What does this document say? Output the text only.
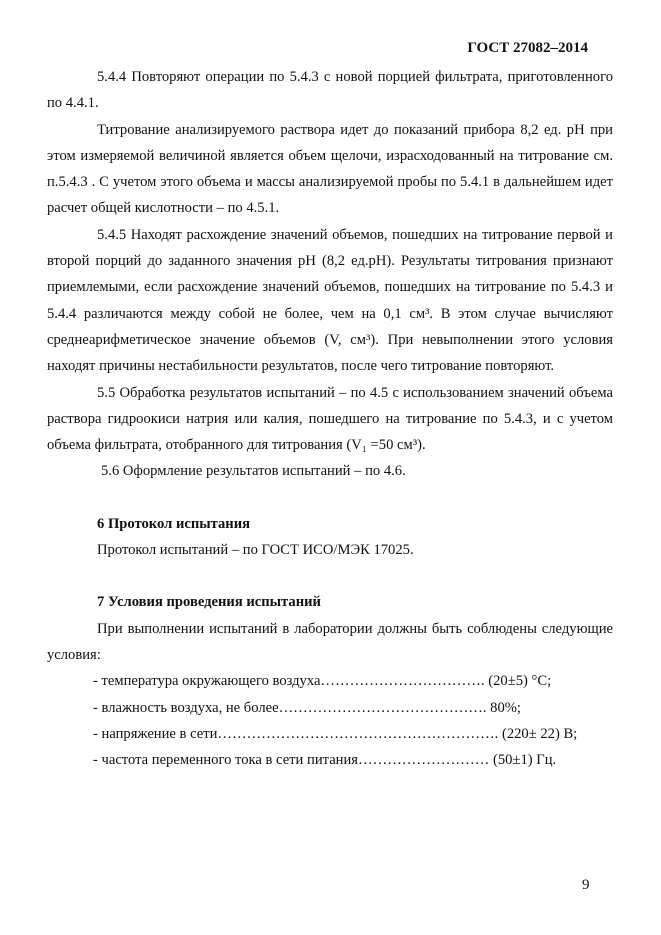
ГОСТ 27082–2014

5.4.4 Повторяют операции по 5.4.3 с новой порцией фильтрата, приготовленного по 4.4.1.

Титрование анализируемого раствора идет до показаний прибора 8,2 ед. pH при этом измеряемой величиной является объем щелочи, израсходованный на титрование см. п.5.4.3 . С учетом этого объема и массы анализируемой пробы по 5.4.1 в дальнейшем идет расчет общей кислотности – по 4.5.1.

5.4.5 Находят расхождение значений объемов, пошедших на титрование первой и второй порций до заданного значения pH (8,2 ед.pH). Результаты титрования признают приемлемыми, если расхождение значений объемов, пошедших на титрование по 5.4.3 и 5.4.4 различаются между собой не более, чем на 0,1 см³. В этом случае вычисляют среднеарифметическое значение объемов (V, см³). При невыполнении этого условия находят причины нестабильности результатов, после чего титрование повторяют.

5.5 Обработка результатов испытаний – по 4.5 с использованием значений объема раствора гидроокиси натрия или калия, пошедшего на титрование по 5.4.3, и с учетом объема фильтрата, отобранного для титрования (V₁ =50 см³).

5.6 Оформление результатов испытаний – по 4.6.

6 Протокол испытания

Протокол испытаний – по ГОСТ ИСО/МЭК 17025.

7 Условия проведения испытаний

При выполнении испытаний в лаборатории должны быть соблюдены следующие условия:

- температура окружающего воздуха……………………………. (20±5) °С;
- влажность воздуха, не более……………………………………. 80%;
- напряжение в сети…………………………………………………. (220± 22) В;
- частота переменного тока в сети питания……………………… (50±1) Гц.
9
